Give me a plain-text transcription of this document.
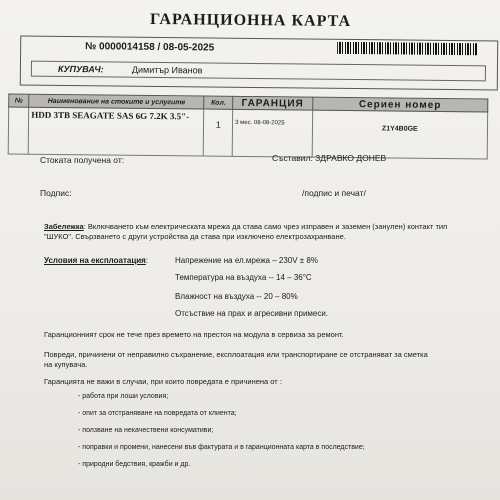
ГАРАНЦИОННА КАРТА
№ 0000014158 / 08-05-2025
КУПУВАЧ:	Димитър Иванов
№	Наименование на стоките и услугите	Кол.	ГАРАНЦИЯ	Сериен номер
	HDD 3TB SEAGATE SAS 6G 7.2K 3.5"-	1	3 мес. 08-08-2025	Z1Y4B0GE
Стоката получена от:	Съставил: ЗДРАВКО ДОНЕВ
Подпис:	/подпис и печат/
Забележка: Включването към електрическата мрежа да става само чрез изправен и заземен (занулен) контакт тип "ШУКО". Свързването с други устройства да става при изключено електрозахранване.
Условия на експлоатация:	Напрежение на ел.мрежа – 230V ± 8%
Температура на въздуха -- 14 – 36°C
Влажност на въздуха -- 20 – 80%
Отсъствие на прах и агресивни примеси.
Гаранционният срок не тече през времето на престоя на модула в сервиза за ремонт.
Повреди, причинени от неправилно съхранение, експлоатация или транспортиране се отстраняват за сметка на купувача.
Гаранцията не важи в случаи, при които повредата е причинена от :
- работа при лоши условия;
- опит за отстраняване на повредата от клиента;
- ползване на некачествени консумативи;
- поправки и промени, нанесени във фактурата и в гаранционната карта в последствие;
- природни бедствия, кражби и др.
